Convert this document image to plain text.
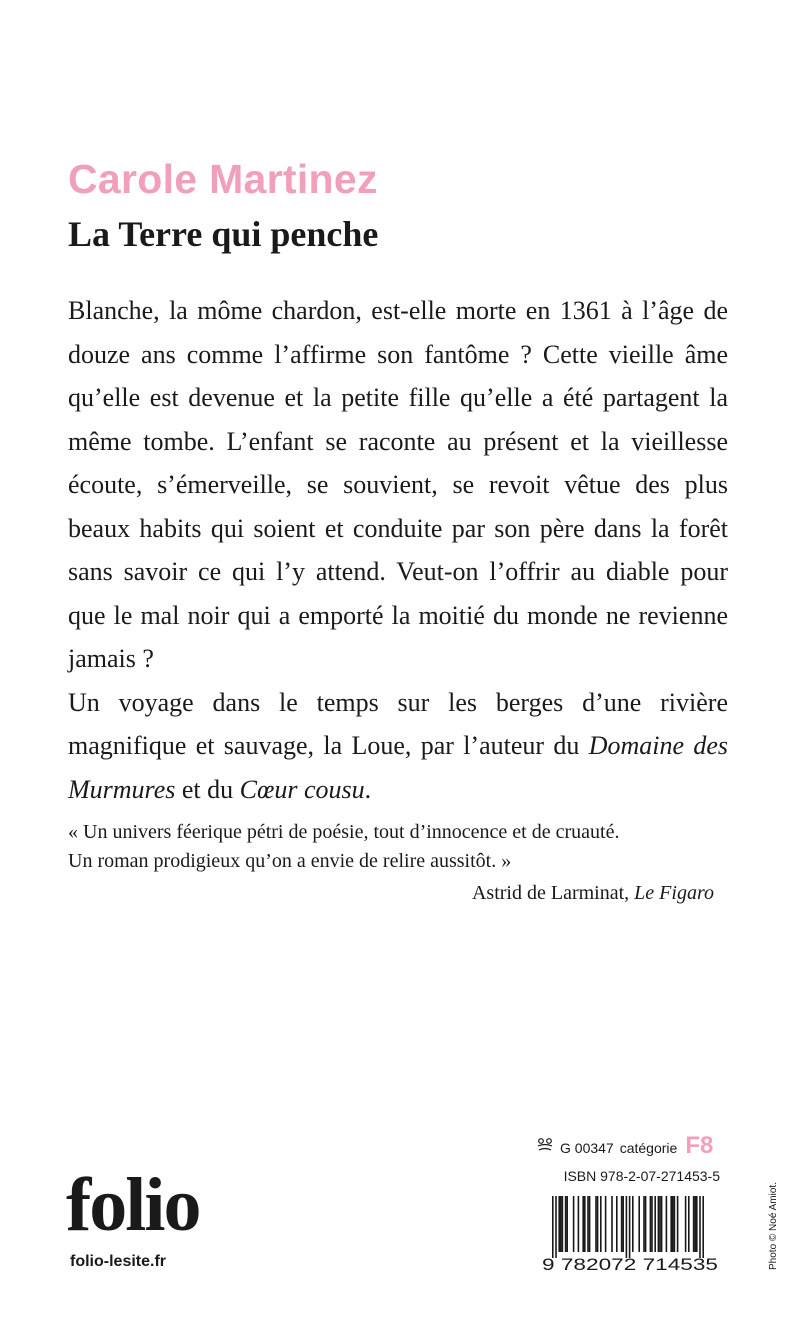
Carole Martinez
La Terre qui penche

Blanche, la môme chardon, est-elle morte en 1361 à l’âge de douze ans comme l’affirme son fantôme ? Cette vieille âme qu’elle est devenue et la petite fille qu’elle a été partagent la même tombe. L’enfant se raconte au présent et la vieillesse écoute, s’émerveille, se souvient, se revoit vêtue des plus beaux habits qui soient et conduite par son père dans la forêt sans savoir ce qui l’y attend. Veut-on l’offrir au diable pour que le mal noir qui a emporté la moitié du monde ne revienne jamais ?

Un voyage dans le temps sur les berges d’une rivière magnifique et sauvage, la Loue, par l’auteur du Domaine des Murmures et du Cœur cousu.

« Un univers féerique pétri de poésie, tout d’innocence et de cruauté.

Un roman prodigieux qu’on a envie de relire aussitôt. »

Astrid de Larminat, Le Figaro
G 00347 catégorie F8
ISBN 978-2-07-271453-5
folio
folio-lesite.fr	9 782072 714535	Photo © Noé Amiot.
